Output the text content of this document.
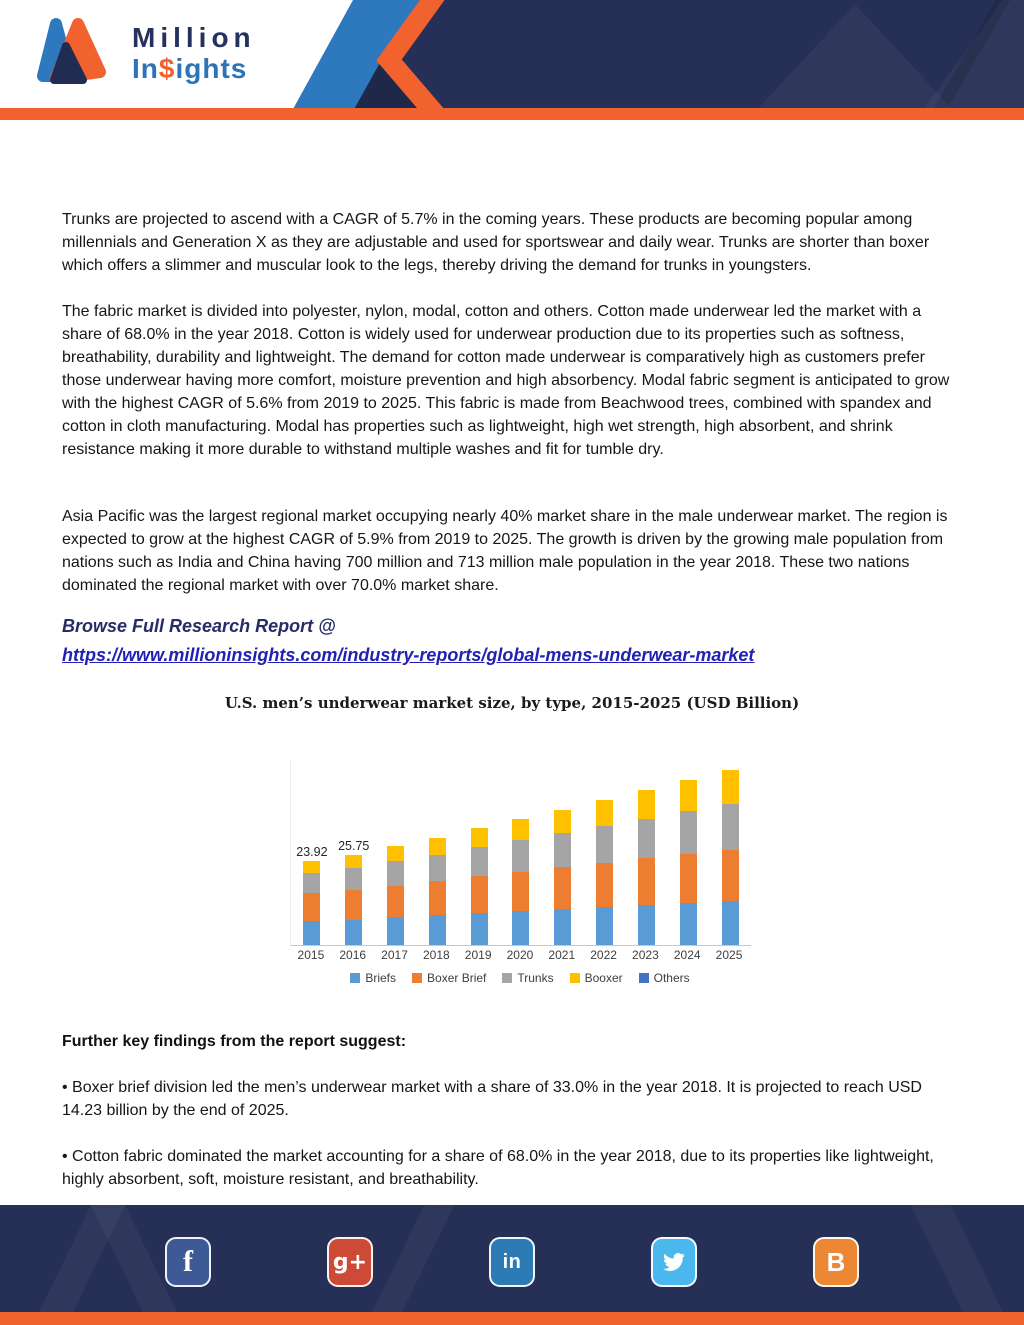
Million
In$ights
Trunks are projected to ascend with a CAGR of 5.7% in the coming years. These products are becoming popular among millennials and Generation X as they are adjustable and used for sportswear and daily wear. Trunks are shorter than boxer which offers a slimmer and muscular look to the legs, thereby driving the demand for trunks in youngsters.
The fabric market is divided into polyester, nylon, modal, cotton and others. Cotton made underwear led the market with a share of 68.0% in the year 2018. Cotton is widely used for underwear production due to its properties such as softness, breathability, durability and lightweight. The demand for cotton made underwear is comparatively high as customers prefer those underwear having more comfort, moisture prevention and high absorbency. Modal fabric segment is anticipated to grow with the highest CAGR of 5.6% from 2019 to 2025. This fabric is made from Beachwood trees, combined with spandex and cotton in cloth manufacturing. Modal has properties such as lightweight, high wet strength, high absorbent, and shrink resistance making it more durable to withstand multiple washes and fit for tumble dry.
Asia Pacific was the largest regional market occupying nearly 40% market share in the male underwear market. The region is expected to grow at the highest CAGR of 5.9% from 2019 to 2025. The growth is driven by the growing male population from nations such as India and China having 700 million and 713 million male population in the year 2018. These two nations dominated the regional market with over 70.0% market share.
Browse Full Research Report @
https://www.millioninsights.com/industry-reports/global-mens-underwear-market
U.S. men’s underwear market size, by type, 2015-2025 (USD Billion)
23.92 25.75
2015	2016	2017	2018	2019	2020	2021	2022	2023	2024	2025
Briefs	Boxer Brief	Trunks	Booxer	Others
Further key findings from the report suggest:
• Boxer brief division led the men’s underwear market with a share of 33.0% in the year 2018. It is projected to reach USD 14.23 billion by the end of 2025.
• Cotton fabric dominated the market accounting for a share of 68.0% in the year 2018, due to its properties like lightweight, highly absorbent, soft, moisture resistant, and breathability.
f	g+	in	B
